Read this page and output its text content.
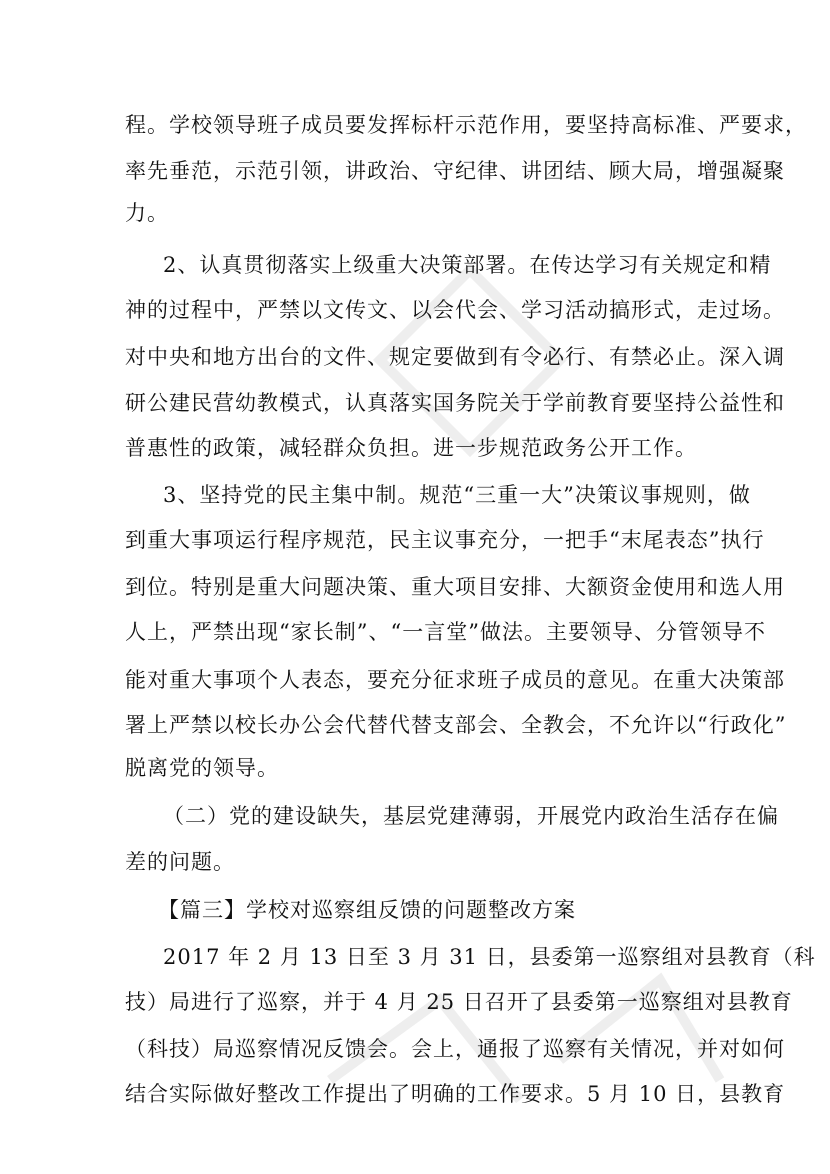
程。学校领导班子成员要发挥标杆示范作用，要坚持高标准、严要求，
率先垂范，示范引领，讲政治、守纪律、讲团结、顾大局，增强凝聚
力。
2、认真贯彻落实上级重大决策部署。在传达学习有关规定和精
神的过程中，严禁以文传文、以会代会、学习活动搞形式，走过场。
对中央和地方出台的文件、规定要做到有令必行、有禁必止。深入调
研公建民营幼教模式，认真落实国务院关于学前教育要坚持公益性和
普惠性的政策，减轻群众负担。进一步规范政务公开工作。
3、坚持党的民主集中制。规范“三重一大”决策议事规则，做
到重大事项运行程序规范，民主议事充分，一把手“末尾表态”执行
到位。特别是重大问题决策、重大项目安排、大额资金使用和选人用
人上，严禁出现“家长制”、“一言堂”做法。主要领导、分管领导不
能对重大事项个人表态，要充分征求班子成员的意见。在重大决策部
署上严禁以校长办公会代替代替支部会、全教会，不允许以“行政化”
脱离党的领导。
（二）党的建设缺失，基层党建薄弱，开展党内政治生活存在偏
差的问题。
【篇三】学校对巡察组反馈的问题整改方案
2017 年 2 月 13 日至 3 月 31 日，县委第一巡察组对县教育（科
技）局进行了巡察，并于 4 月 25 日召开了县委第一巡察组对县教育
（科技）局巡察情况反馈会。会上，通报了巡察有关情况，并对如何
结合实际做好整改工作提出了明确的工作要求。5 月 10 日，县教育
